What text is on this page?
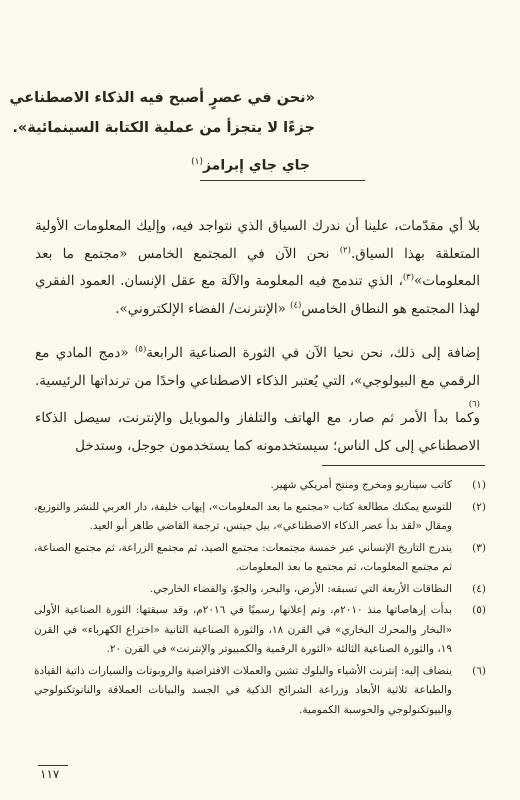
«نحن في عصرٍ أصبح فيه الذكاء الاصطناعي
جزءًا لا يتجزأ من عملية الكتابة السينمائية».
جاي جاي إبرامز$^{(١)}$
بلا أي مقدّمات، علينا أن ندرك السياق الذي نتواجد فيه، وإليك المعلومات الأولية المتعلقة بهذا السياق.$^{(٢)}$ نحن الآن في المجتمع الخامس «مجتمع ما بعد المعلومات»$^{(٣)}$، الذي تندمج فيه المعلومة والآلة مع عقل الإنسان. العمود الفقري لهذا المجتمع هو النطاق الخامس$^{(٤)}$ «الإنترنت/ الفضاء الإلكتروني».
إضافة إلى ذلك، نحن نحيا الآن في الثورة الصناعية الرابعة$^{(٥)}$ «دمج المادي مع الرقمي مع البيولوجي»، التي يُعتبر الذكاء الاصطناعي واحدًا من ترنداتها الرئيسية.$^{(٦)}$
وكما بدأ الأمر ثم صار، مع الهاتف والتلفاز والموبايل والإنترنت، سيصل الذكاء الاصطناعي إلى كل الناس؛ سيستخدمونه كما يستخدمون جوجل، وستدخل
(١)
كاتب سيناريو ومخرج ومنتج أمريكي شهير.
(٢)
للتوسع يمكنك مطالعة كتاب «مجتمع ما بعد المعلومات»، إيهاب خليفة، دار العربي للنشر والتوزيع، ومقال «لقد بدأ عصر الذكاء الاصطناعي»، بيل جيتس، ترجمة القاضي طاهر أبو العيد.
(٣)
يندرج التاريخ الإنساني عبر خمسة مجتمعات: مجتمع الصيد، ثم مجتمع الزراعة، ثم مجتمع الصناعة، ثم مجتمع المعلومات، ثم مجتمع ما بعد المعلومات.
(٤)
النطاقات الأربعة التي تسبقه: الأرض، والبحر، والجوّ، والفضاء الخارجي.
(٥)
بدأت إرهاصاتها منذ ٢٠١٠م، وتم إعلانها رسميًا في ٢٠١٦م، وقد سبقتها: الثورة الصناعية الأولى «البخار والمحرك البخاري» في القرن ١٨، والثورة الصناعية الثانية «اختراع الكهرباء» في القرن ١٩، والثورة الصناعية الثالثة «الثورة الرقمية والكمبيوتر والإنترنت» في القرن ٢٠.
(٦)
ينضاف إليه: إنترنت الأشياء والبلوك تشين والعملات الافتراضية والروبوتات والسيارات ذاتية القيادة والطباعة ثلاثية الأبعاد وزراعة الشرائح الذكية في الجسد والبيانات العملاقة والنانوتكنولوجي والبيوتكنولوجي والحوسبة الكمومية.
١١٧
